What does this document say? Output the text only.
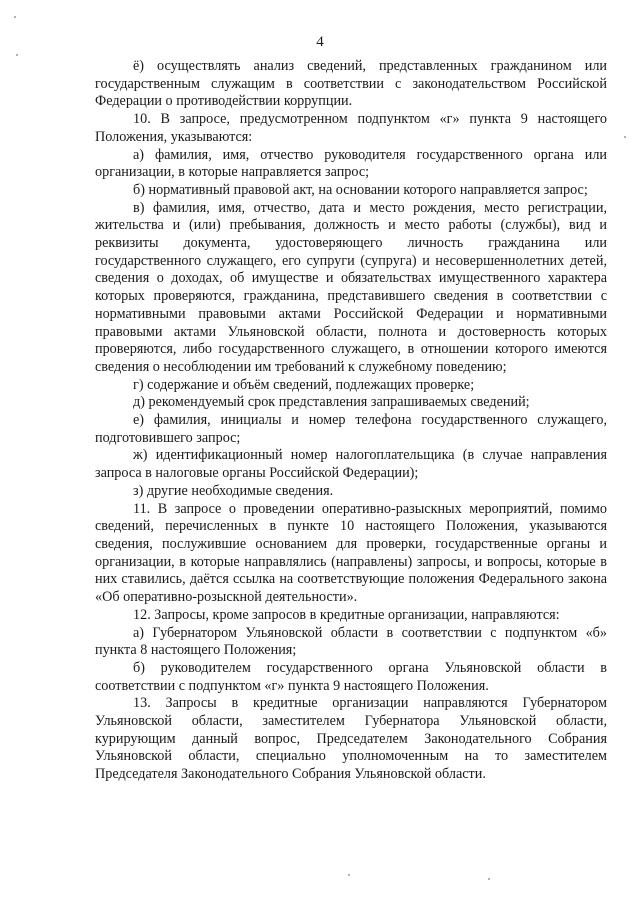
4

ё) осуществлять анализ сведений, представленных гражданином или государственным служащим в соответствии с законодательством Российской Федерации о противодействии коррупции.

10. В запросе, предусмотренном подпунктом «г» пункта 9 настоящего Положения, указываются:

а) фамилия, имя, отчество руководителя государственного органа или организации, в которые направляется запрос;

б) нормативный правовой акт, на основании которого направляется запрос;

в) фамилия, имя, отчество, дата и место рождения, место регистрации, жительства и (или) пребывания, должность и место работы (службы), вид и реквизиты документа, удостоверяющего личность гражданина или государственного служащего, его супруги (супруга) и несовершеннолетних детей, сведения о доходах, об имуществе и обязательствах имущественного характера которых проверяются, гражданина, представившего сведения в соответствии с нормативными правовыми актами Российской Федерации и нормативными правовыми актами Ульяновской области, полнота и достоверность которых проверяются, либо государственного служащего, в отношении которого имеются сведения о несоблюдении им требований к служебному поведению;

г) содержание и объём сведений, подлежащих проверке;

д) рекомендуемый срок представления запрашиваемых сведений;

е) фамилия, инициалы и номер телефона государственного служащего, подготовившего запрос;

ж) идентификационный номер налогоплательщика (в случае направления запроса в налоговые органы Российской Федерации);

з) другие необходимые сведения.

11. В запросе о проведении оперативно-разыскных мероприятий, помимо сведений, перечисленных в пункте 10 настоящего Положения, указываются сведения, послужившие основанием для проверки, государственные органы и организации, в которые направлялись (направлены) запросы, и вопросы, которые в них ставились, даётся ссылка на соответствующие положения Федерального закона «Об оперативно-розыскной деятельности».

12. Запросы, кроме запросов в кредитные организации, направляются:

а) Губернатором Ульяновской области в соответствии с подпунктом «б» пункта 8 настоящего Положения;

б) руководителем государственного органа Ульяновской области в соответствии с подпунктом «г» пункта 9 настоящего Положения.

13. Запросы в кредитные организации направляются Губернатором Ульяновской области, заместителем Губернатора Ульяновской области, курирующим данный вопрос, Председателем Законодательного Собрания Ульяновской области, специально уполномоченным на то заместителем Председателя Законодательного Собрания Ульяновской области.
